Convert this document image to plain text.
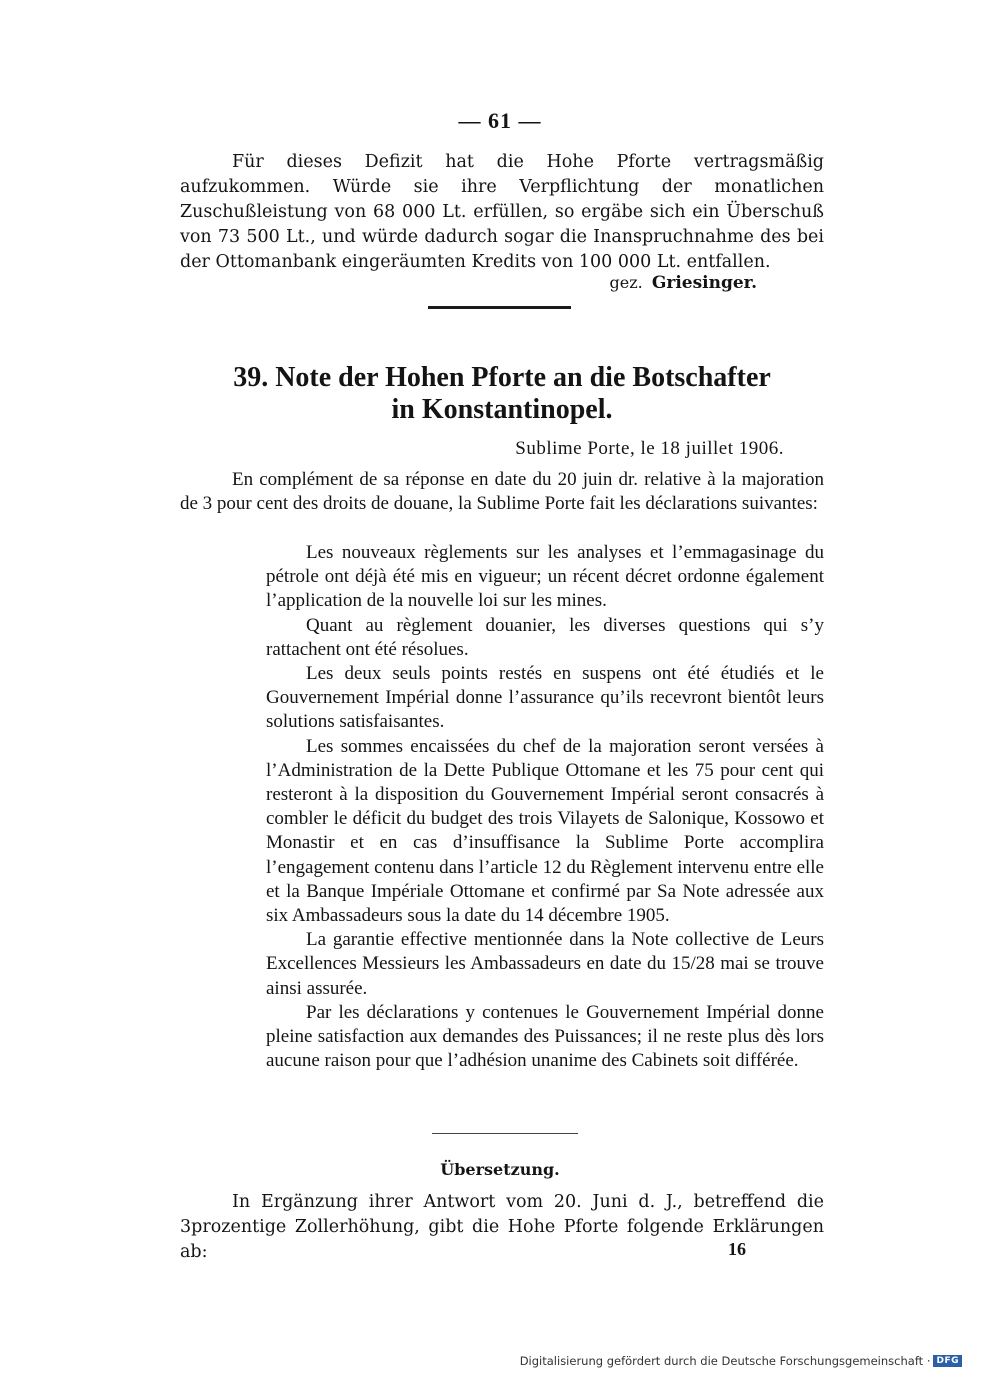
— 61 —

Für dieses Defizit hat die Hohe Pforte vertragsmäßig aufzukommen. Würde sie ihre Verpflichtung der monatlichen Zuschußleistung von 68 000 Lt. erfüllen, so ergäbe sich ein Überschuß von 73 500 Lt., und würde dadurch sogar die Inanspruchnahme des bei der Ottomanbank eingeräumten Kredits von 100 000 Lt. entfallen.

gez. Griesinger.
39. Note der Hohen Pforte an die Botschafter
in Konstantinopel.
Sublime Porte, le 18 juillet 1906.

En complément de sa réponse en date du 20 juin dr. relative à la majoration de 3 pour cent des droits de douane, la Sublime Porte fait les déclarations suivantes:

Les nouveaux règlements sur les analyses et l’emmagasinage du pétrole ont déjà été mis en vigueur; un récent décret ordonne également l’application de la nouvelle loi sur les mines.

Quant au règlement douanier, les diverses questions qui s’y rattachent ont été résolues.

Les deux seuls points restés en suspens ont été étudiés et le Gouvernement Impérial donne l’assurance qu’ils recevront bientôt leurs solutions satisfaisantes.

Les sommes encaissées du chef de la majoration seront versées à l’Administration de la Dette Publique Ottomane et les 75 pour cent qui resteront à la disposition du Gouvernement Impérial seront consacrés à combler le déficit du budget des trois Vilayets de Salonique, Kossowo et Monastir et en cas d’insuffisance la Sublime Porte accomplira l’engagement contenu dans l’article 12 du Règlement intervenu entre elle et la Banque Impériale Ottomane et confirmé par Sa Note adressée aux six Ambassadeurs sous la date du 14 décembre 1905.

La garantie effective mentionnée dans la Note collective de Leurs Excellences Messieurs les Ambassadeurs en date du 15/28 mai se trouve ainsi assurée.

Par les déclarations y contenues le Gouvernement Impérial donne pleine satisfaction aux demandes des Puissances; il ne reste plus dès lors aucune raison pour que l’adhésion unanime des Cabinets soit différée.

Übersetzung.

In Ergänzung ihrer Antwort vom 20. Juni d. J., betreffend die 3prozentige Zollerhöhung, gibt die Hohe Pforte folgende Erklärungen ab:	16
Digitalisierung gefördert durch die Deutsche Forschungsgemeinschaft · DFG
